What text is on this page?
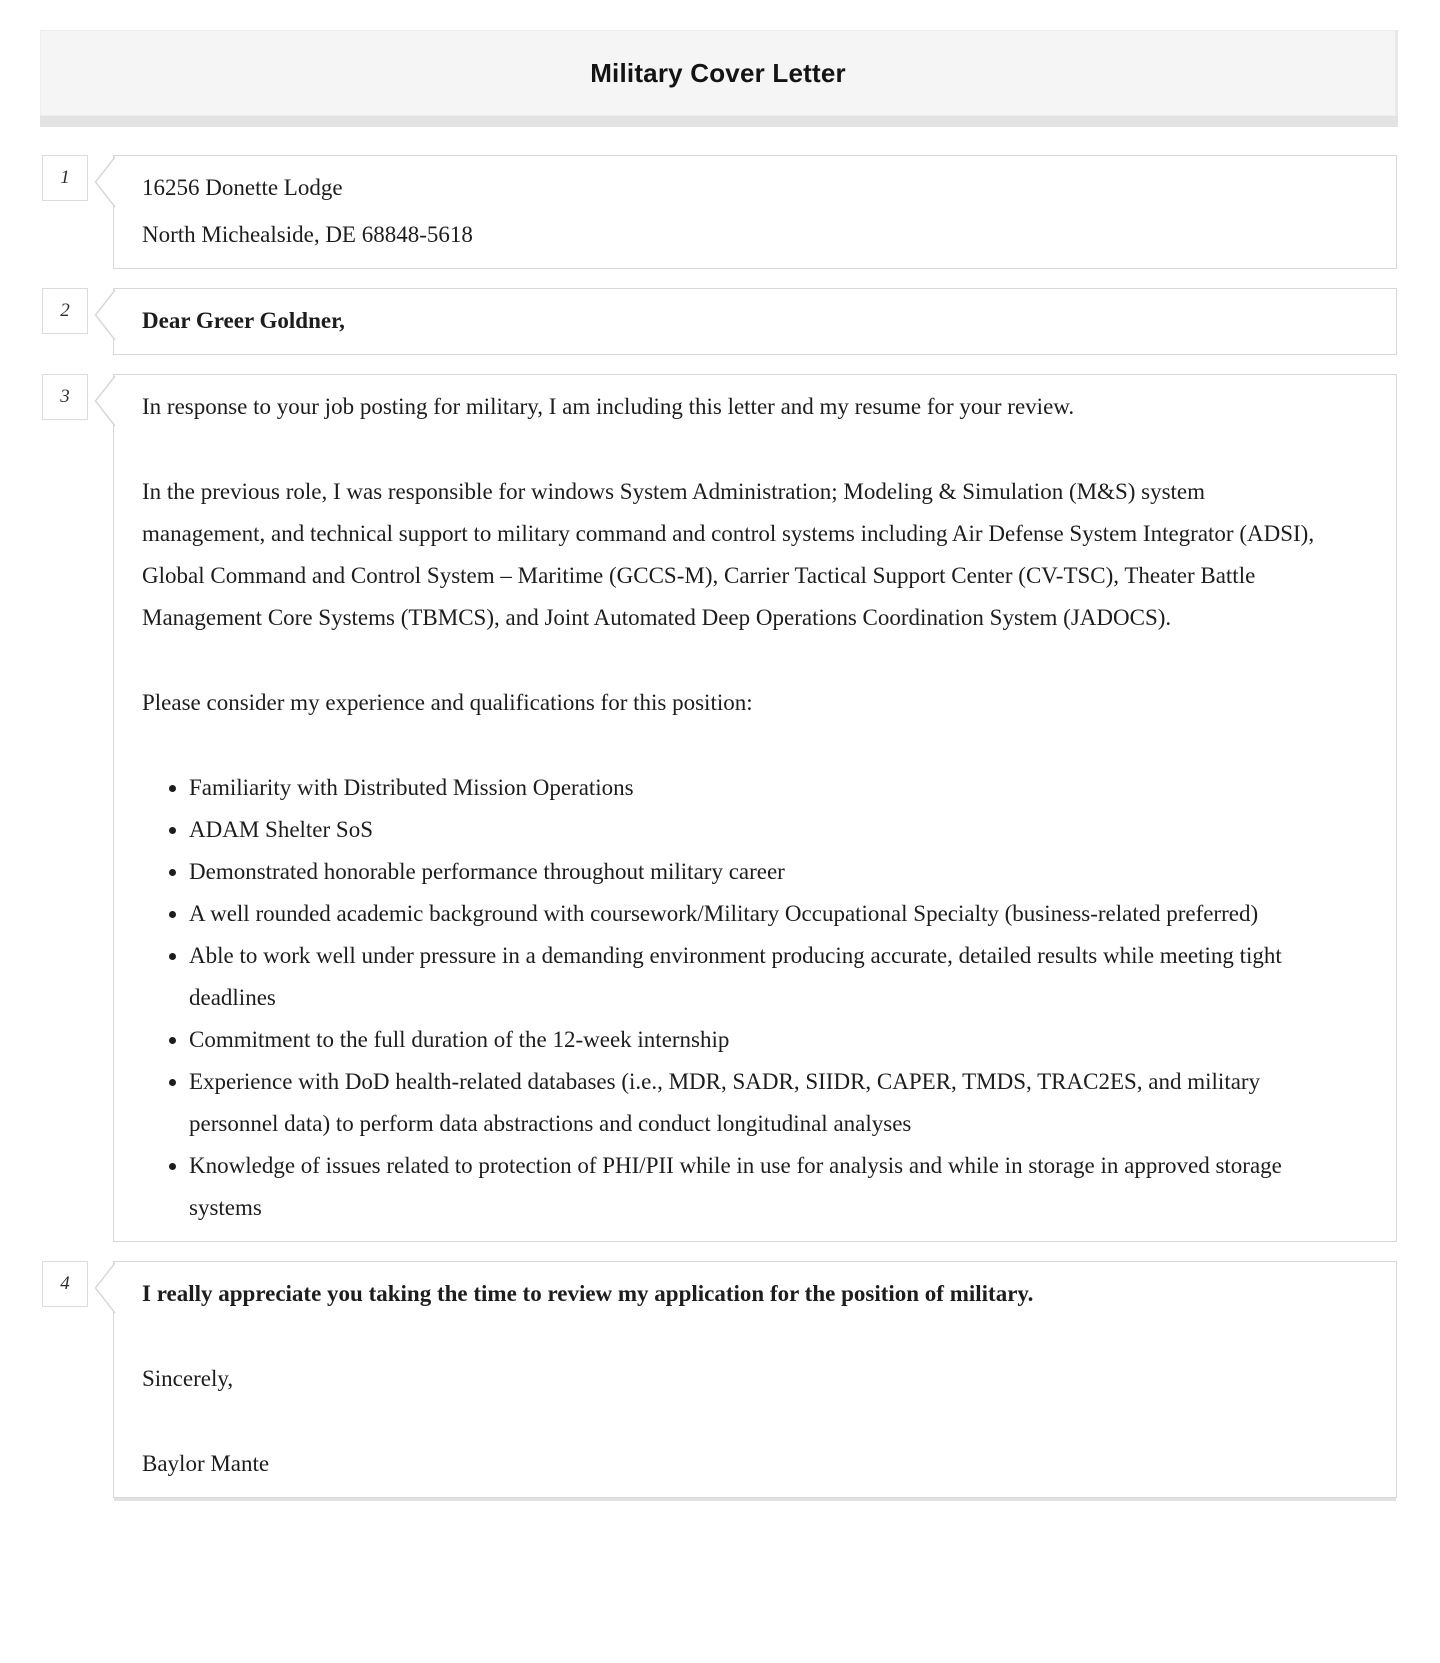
Military Cover Letter
1	16256 Donette Lodge

North Michealside, DE 68848-5618

2	Dear Greer Goldner,

3	In response to your job posting for military, I am including this letter and my resume for your review.

In the previous role, I was responsible for windows System Administration; Modeling & Simulation (M&S) system management, and technical support to military command and control systems including Air Defense System Integrator (ADSI), Global Command and Control System – Maritime (GCCS-M), Carrier Tactical Support Center (CV-TSC), Theater Battle Management Core Systems (TBMCS), and Joint Automated Deep Operations Coordination System (JADOCS).

Please consider my experience and qualifications for this position:

• Familiarity with Distributed Mission Operations
• ADAM Shelter SoS
• Demonstrated honorable performance throughout military career
• A well rounded academic background with coursework/Military Occupational Specialty (business-related preferred)
• Able to work well under pressure in a demanding environment producing accurate, detailed results while meeting tight deadlines
• Commitment to the full duration of the 12-week internship
• Experience with DoD health-related databases (i.e., MDR, SADR, SIIDR, CAPER, TMDS, TRAC2ES, and military personnel data) to perform data abstractions and conduct longitudinal analyses
• Knowledge of issues related to protection of PHI/PII while in use for analysis and while in storage in approved storage systems
4	I really appreciate you taking the time to review my application for the position of military.

Sincerely,

Baylor Mante
